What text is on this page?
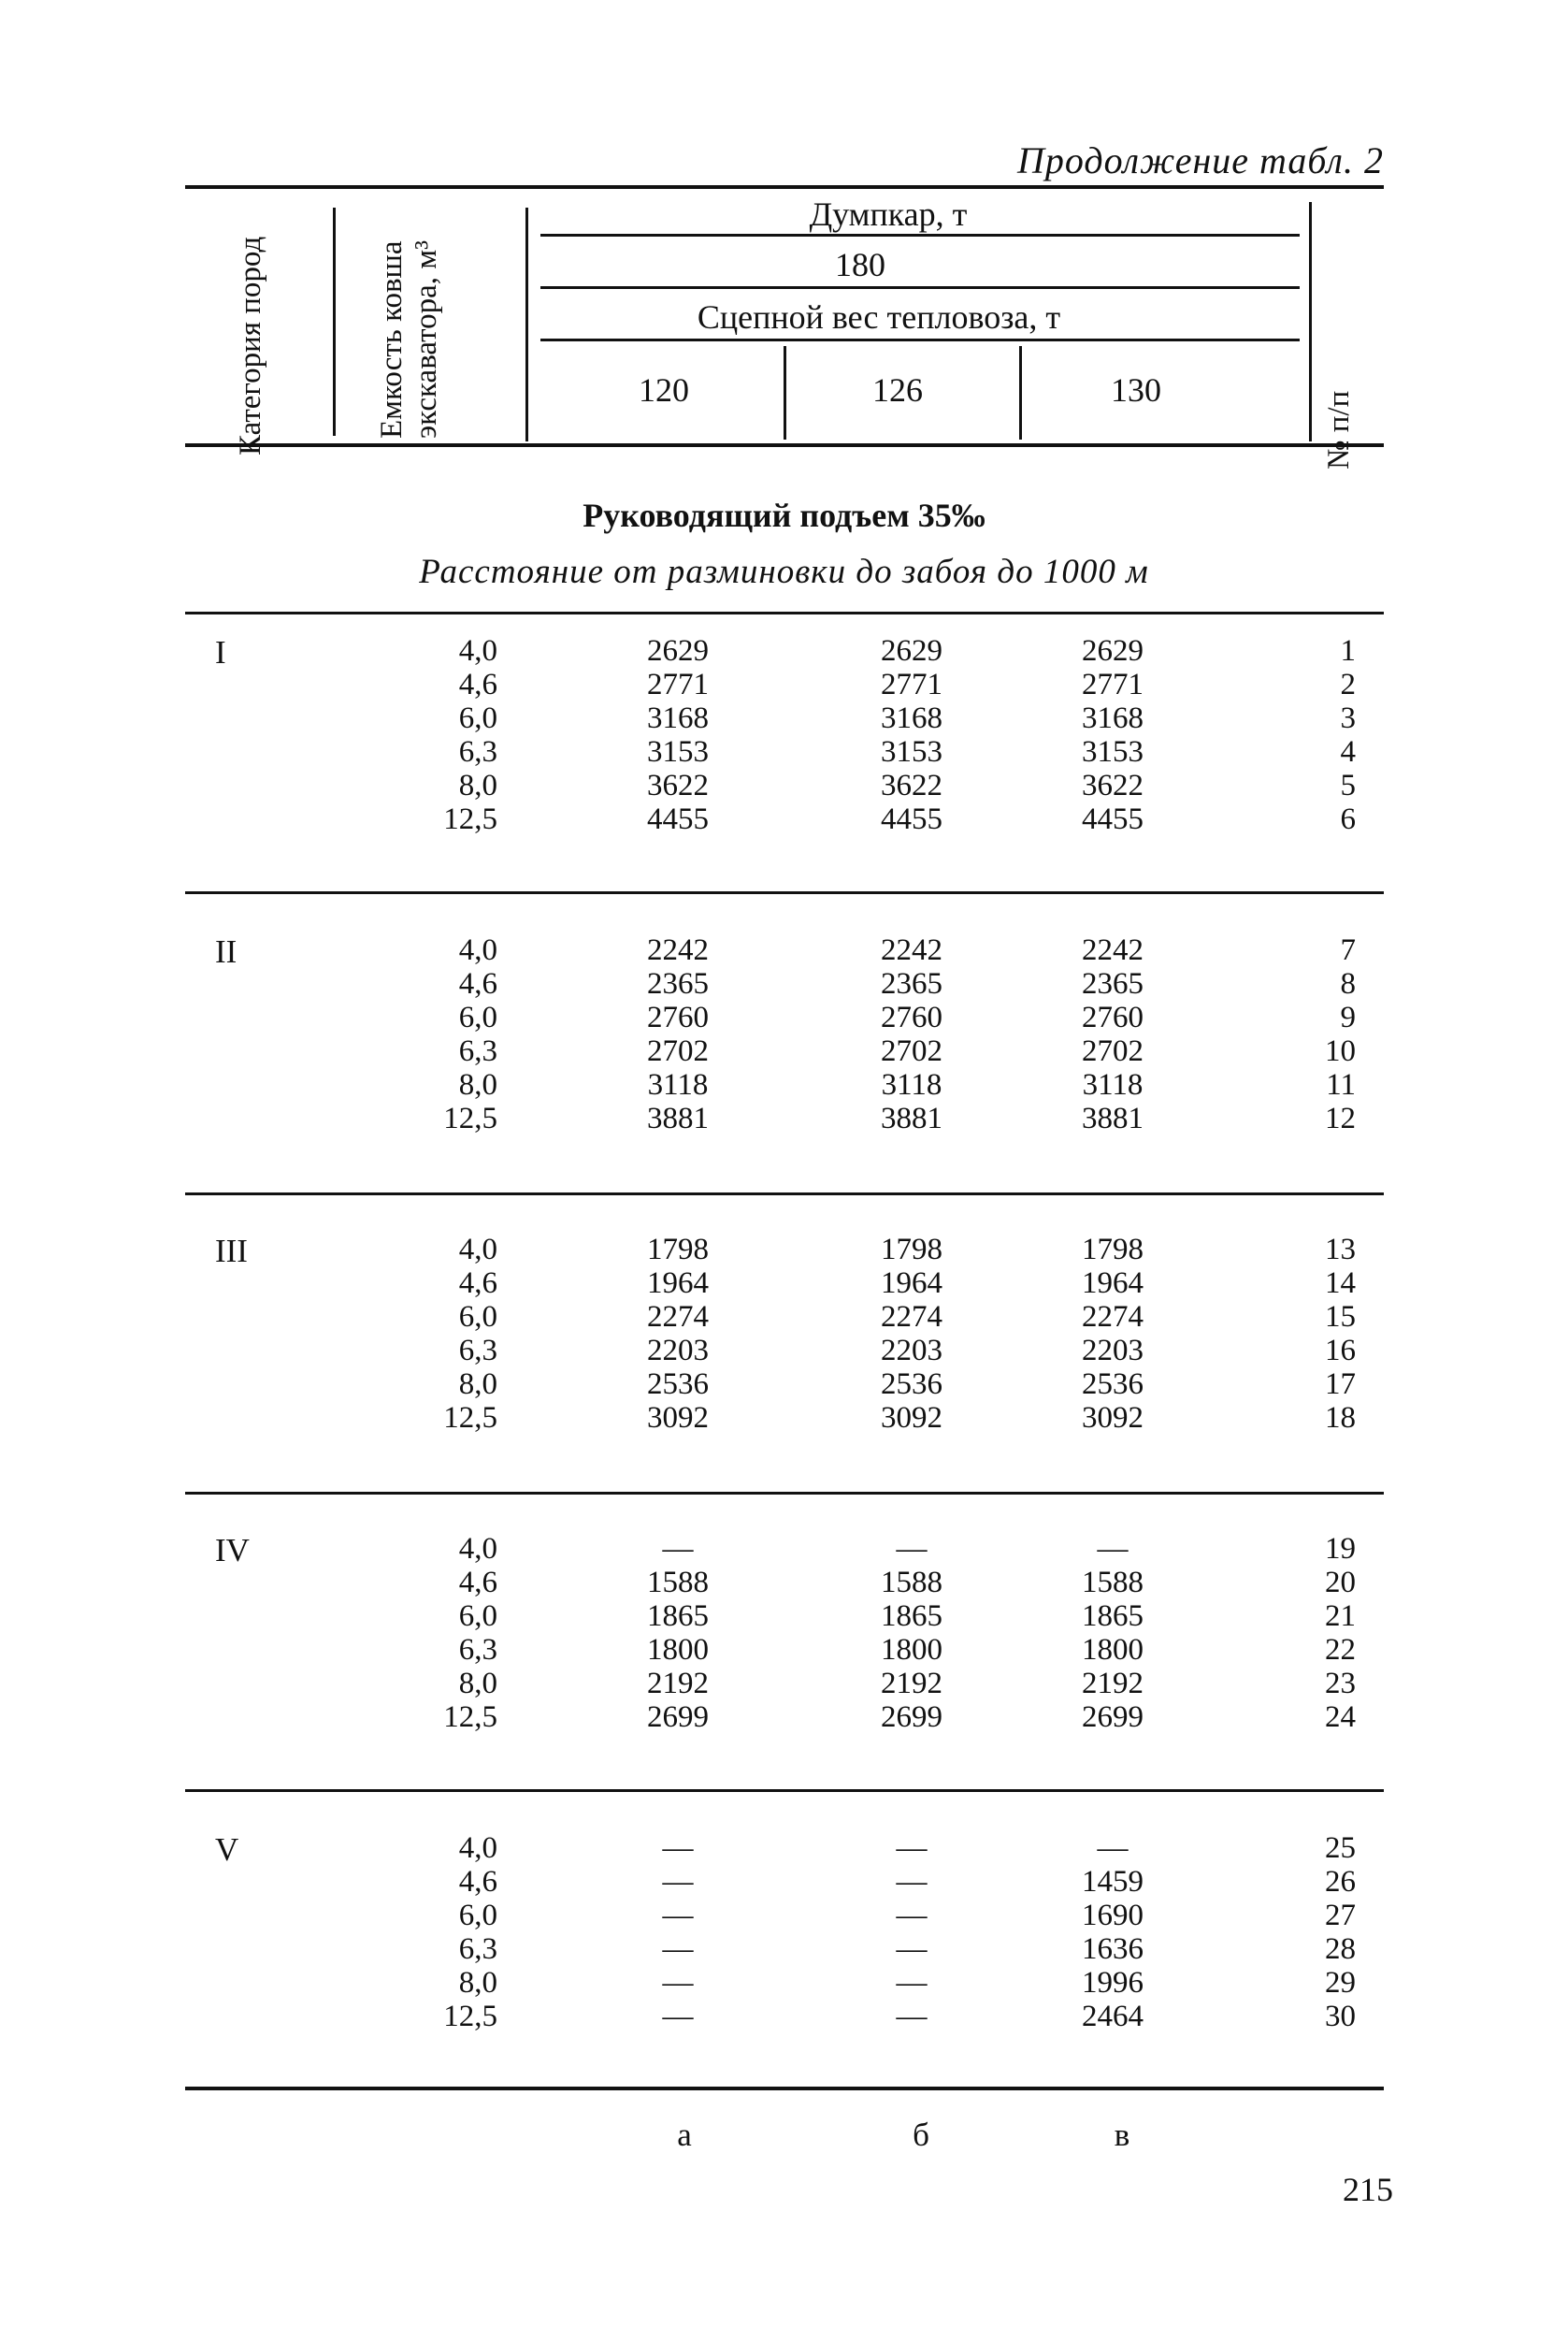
Продолжение табл. 2
Категория пород	Емкость ковша экскаватора, м³	№ п/п
Думпкар, т
180
Сцепной вес тепловоза, т
120	126	130
Руководящий подъем 35‰
Расстояние от разминовки до забоя до 1000 м
I	4,0	2629	2629	2629	1
4,6	2771	2771	2771	2
6,0	3168	3168	3168	3
6,3	3153	3153	3153	4
8,0	3622	3622	3622	5
12,5	4455	4455	4455	6
II	4,0	2242	2242	2242	7
4,6	2365	2365	2365	8
6,0	2760	2760	2760	9
6,3	2702	2702	2702	10
8,0	3118	3118	3118	11
12,5	3881	3881	3881	12
III	4,0	1798	1798	1798	13
4,6	1964	1964	1964	14
6,0	2274	2274	2274	15
6,3	2203	2203	2203	16
8,0	2536	2536	2536	17
12,5	3092	3092	3092	18
IV	4,0	—	—	—	19
4,6	1588	1588	1588	20
6,0	1865	1865	1865	21
6,3	1800	1800	1800	22
8,0	2192	2192	2192	23
12,5	2699	2699	2699	24
V	4,0	—	—	—	25
4,6	—	—	1459	26
6,0	—	—	1690	27
6,3	—	—	1636	28
8,0	—	—	1996	29
12,5	—	—	2464	30
а	б	в
215
